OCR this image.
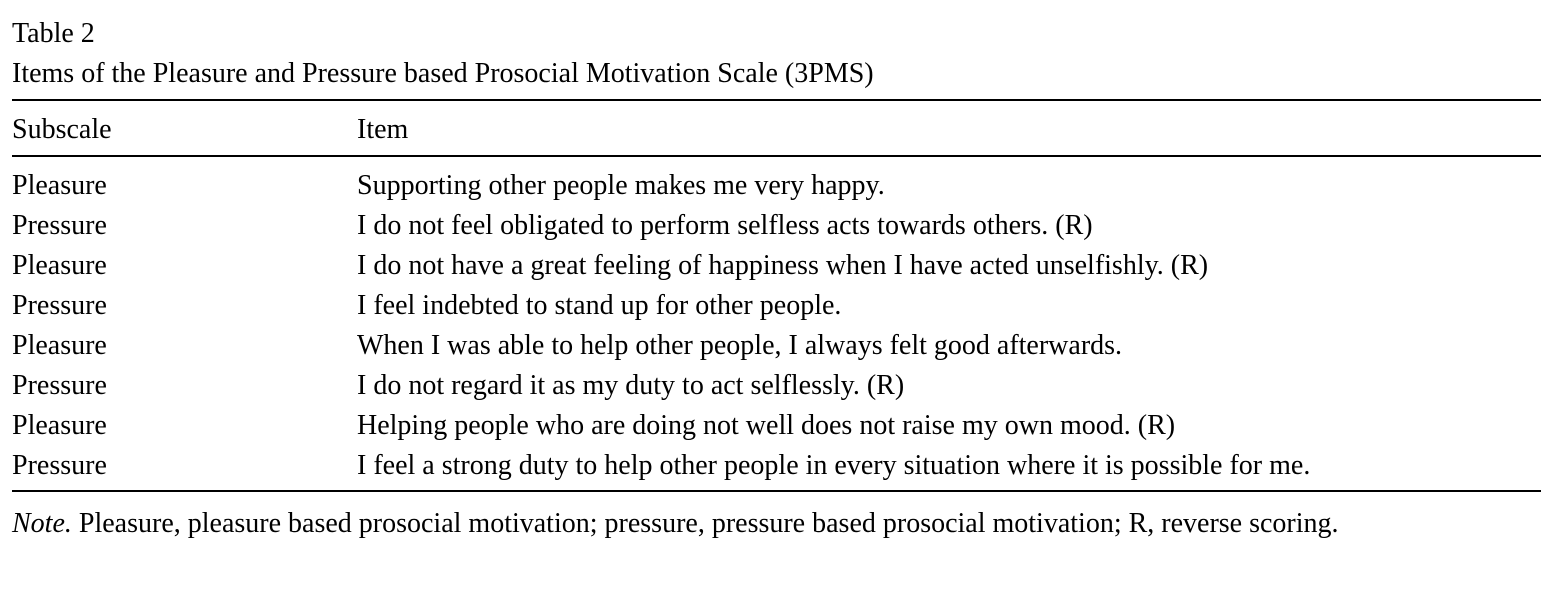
Table 2
Items of the Pleasure and Pressure based Prosocial Motivation Scale (3PMS)
Subscale	Item
Pleasure	Supporting other people makes me very happy.
Pressure	I do not feel obligated to perform selfless acts towards others. (R)
Pleasure	I do not have a great feeling of happiness when I have acted unselfishly. (R)
Pressure	I feel indebted to stand up for other people.
Pleasure	When I was able to help other people, I always felt good afterwards.
Pressure	I do not regard it as my duty to act selflessly. (R)
Pleasure	Helping people who are doing not well does not raise my own mood. (R)
Pressure	I feel a strong duty to help other people in every situation where it is possible for me.
Note. Pleasure, pleasure based prosocial motivation; pressure, pressure based prosocial motivation; R, reverse scoring.
